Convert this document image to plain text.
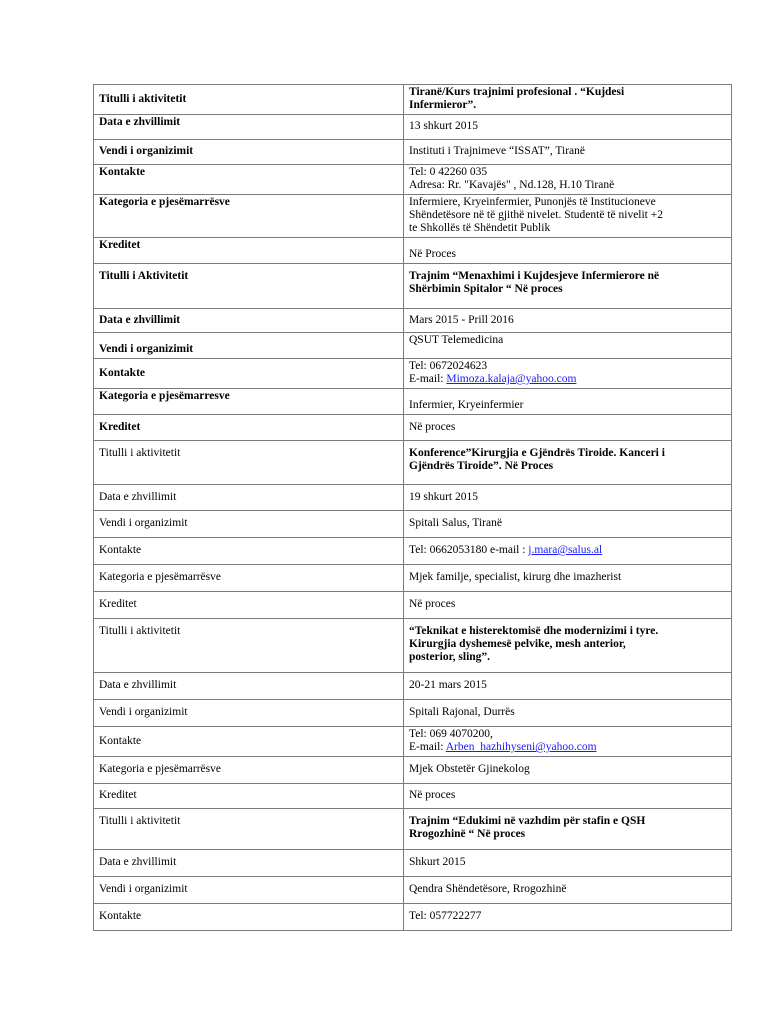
Titulli i aktivitetit	Tiranë/Kurs trajnimi profesional . “Kujdesi
Infermieror”.

Data e zhvillimit	13 shkurt 2015
Vendi i organizimit	Instituti i Trajnimeve “ISSAT”, Tiranë
Kontakte	Tel: 0 42260 035
Adresa: Rr. "Kavajës" , Nd.128, H.10 Tiranë

Kategoria e pjesëmarrësve	Infermiere, Kryeinfermier, Punonjës të Institucioneve
Shëndetësore në të gjithë nivelet. Studentë të nivelit +2
te Shkollës të Shëndetit Publik

Kreditet	Në Proces
Titulli i Aktivitetit	Trajnim “Menaxhimi i Kujdesjeve Infermierore në
Shërbimin Spitalor “ Në proces

Data e zhvillimit	Mars 2015 - Prill 2016
Vendi i organizimit	QSUT Telemedicina
Kontakte	Tel: 0672024623
E-mail: Mimoza.kalaja@yahoo.com

Kategoria e pjesëmarresve	Infermier, Kryeinfermier
Kreditet	Në proces
Titulli i aktivitetit	Konference”Kirurgjia e Gjëndrës Tiroide. Kanceri i
Gjëndrës Tiroide”. Në Proces

Data e zhvillimit	19 shkurt 2015
Vendi i organizimit	Spitali Salus, Tiranë
Kontakte	Tel: 0662053180 e-mail : j.mara@salus.al
Kategoria e pjesëmarrësve	Mjek familje, specialist, kirurg dhe imazherist
Kreditet	Në proces
Titulli i aktivitetit	“Teknikat e histerektomisë dhe modernizimi i tyre.
Kirurgjia dyshemesë pelvike, mesh anterior,
posterior, sling”.

Data e zhvillimit	20-21 mars 2015
Vendi i organizimit	Spitali Rajonal, Durrës
Kontakte	Tel: 069 4070200,
E-mail: Arben_hazhihyseni@yahoo.com

Kategoria e pjesëmarrësve	Mjek Obstetër Gjinekolog
Kreditet	Në proces
Titulli i aktivitetit	Trajnim “Edukimi në vazhdim për stafin e QSH
Rrogozhinë “ Në proces

Data e zhvillimit	Shkurt 2015
Vendi i organizimit	Qendra Shëndetësore, Rrogozhinë
Kontakte	Tel: 057722277
